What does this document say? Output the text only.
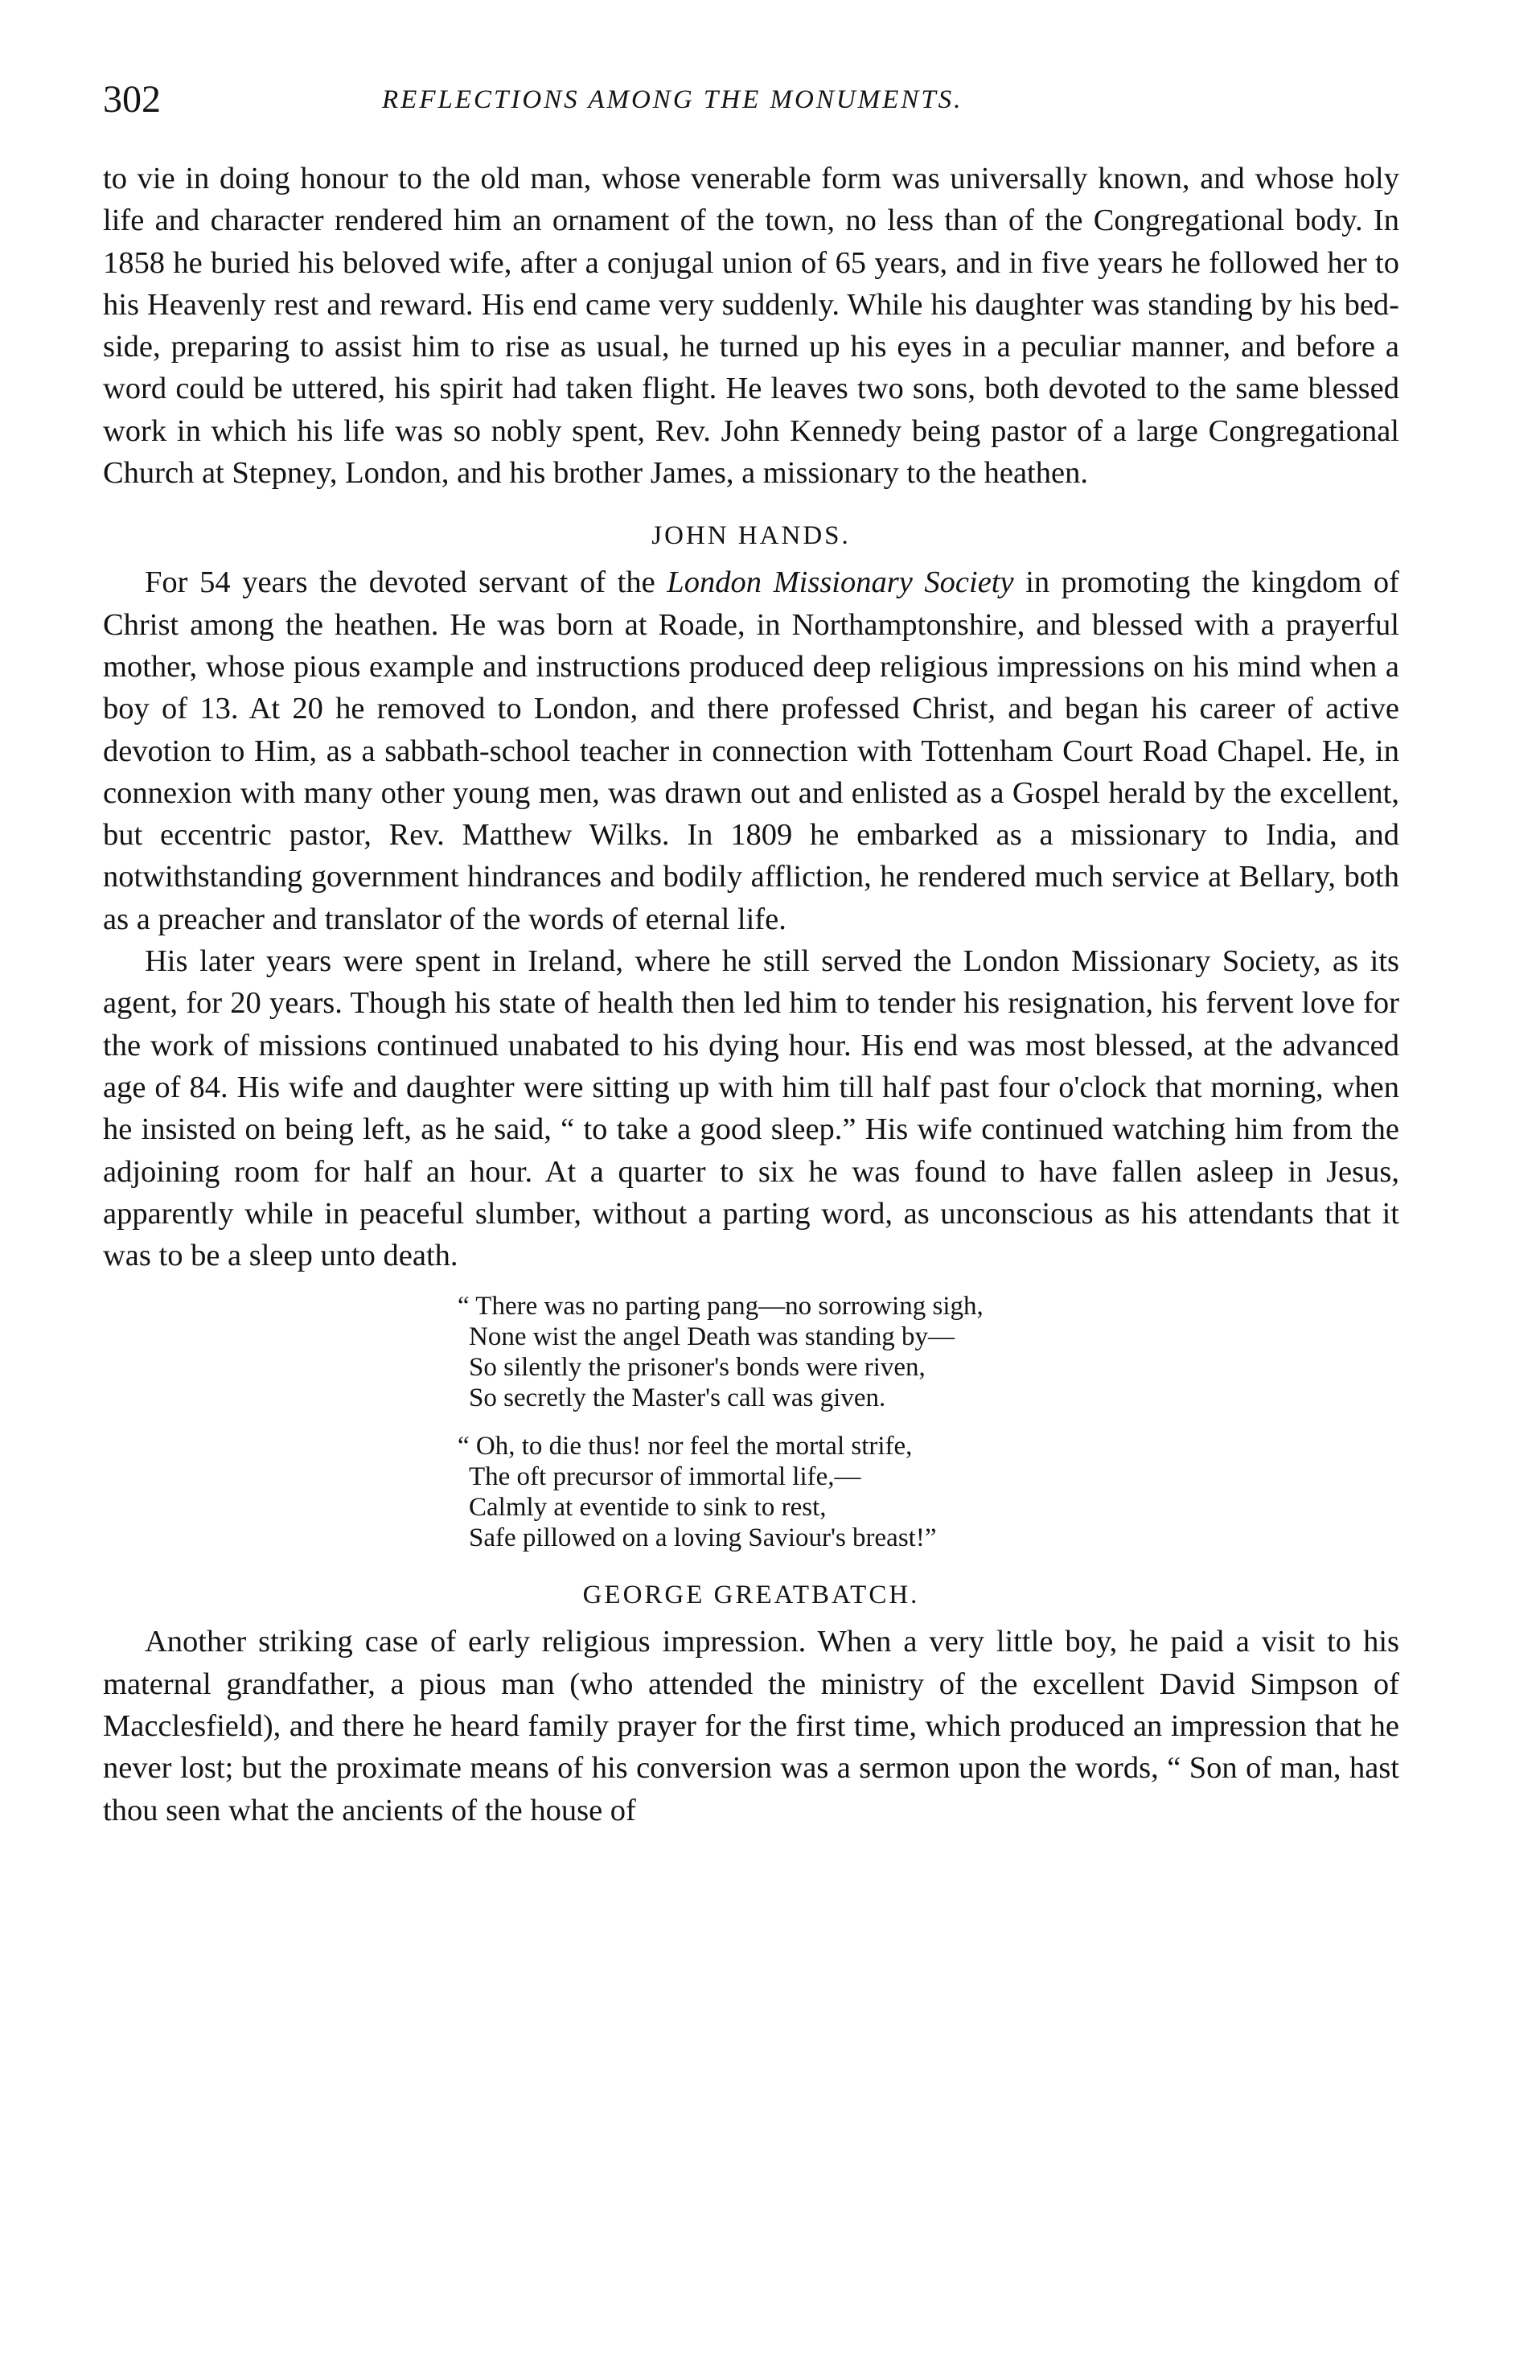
302	REFLECTIONS AMONG THE MONUMENTS.

to vie in doing honour to the old man, whose venerable form was universally known, and whose holy life and character rendered him an ornament of the town, no less than of the Congregational body. In 1858 he buried his beloved wife, after a conjugal union of 65 years, and in five years he followed her to his Heavenly rest and reward. His end came very suddenly. While his daughter was standing by his bed-side, preparing to assist him to rise as usual, he turned up his eyes in a peculiar manner, and before a word could be uttered, his spirit had taken flight. He leaves two sons, both devoted to the same blessed work in which his life was so nobly spent, Rev. John Kennedy being pastor of a large Congregational Church at Stepney, London, and his brother James, a missionary to the heathen.

JOHN HANDS.

For 54 years the devoted servant of the London Missionary Society in promoting the kingdom of Christ among the heathen. He was born at Roade, in Northamptonshire, and blessed with a prayerful mother, whose pious example and instructions produced deep religious impressions on his mind when a boy of 13. At 20 he removed to London, and there professed Christ, and began his career of active devotion to Him, as a sabbath-school teacher in connection with Tottenham Court Road Chapel. He, in connexion with many other young men, was drawn out and enlisted as a Gospel herald by the excellent, but eccentric pastor, Rev. Matthew Wilks. In 1809 he embarked as a missionary to India, and notwithstanding government hindrances and bodily affliction, he rendered much service at Bellary, both as a preacher and translator of the words of eternal life.

His later years were spent in Ireland, where he still served the London Missionary Society, as its agent, for 20 years. Though his state of health then led him to tender his resignation, his fervent love for the work of missions continued unabated to his dying hour. His end was most blessed, at the advanced age of 84. His wife and daughter were sitting up with him till half past four o'clock that morning, when he insisted on being left, as he said, “ to take a good sleep.” His wife continued watching him from the adjoining room for half an hour. At a quarter to six he was found to have fallen asleep in Jesus, apparently while in peaceful slumber, without a parting word, as unconscious as his attendants that it was to be a sleep unto death.

“ There was no parting pang—no sorrowing sigh,
None wist the angel Death was standing by—
So silently the prisoner's bonds were riven,
So secretly the Master's call was given.
“ Oh, to die thus! nor feel the mortal strife,
The oft precursor of immortal life,—
Calmly at eventide to sink to rest,
Safe pillowed on a loving Saviour's breast!”
GEORGE GREATBATCH.

Another striking case of early religious impression. When a very little boy, he paid a visit to his maternal grandfather, a pious man (who attended the ministry of the excellent David Simpson of Macclesfield), and there he heard family prayer for the first time, which produced an impression that he never lost; but the proximate means of his conversion was a sermon upon the words, “ Son of man, hast thou seen what the ancients of the house of
